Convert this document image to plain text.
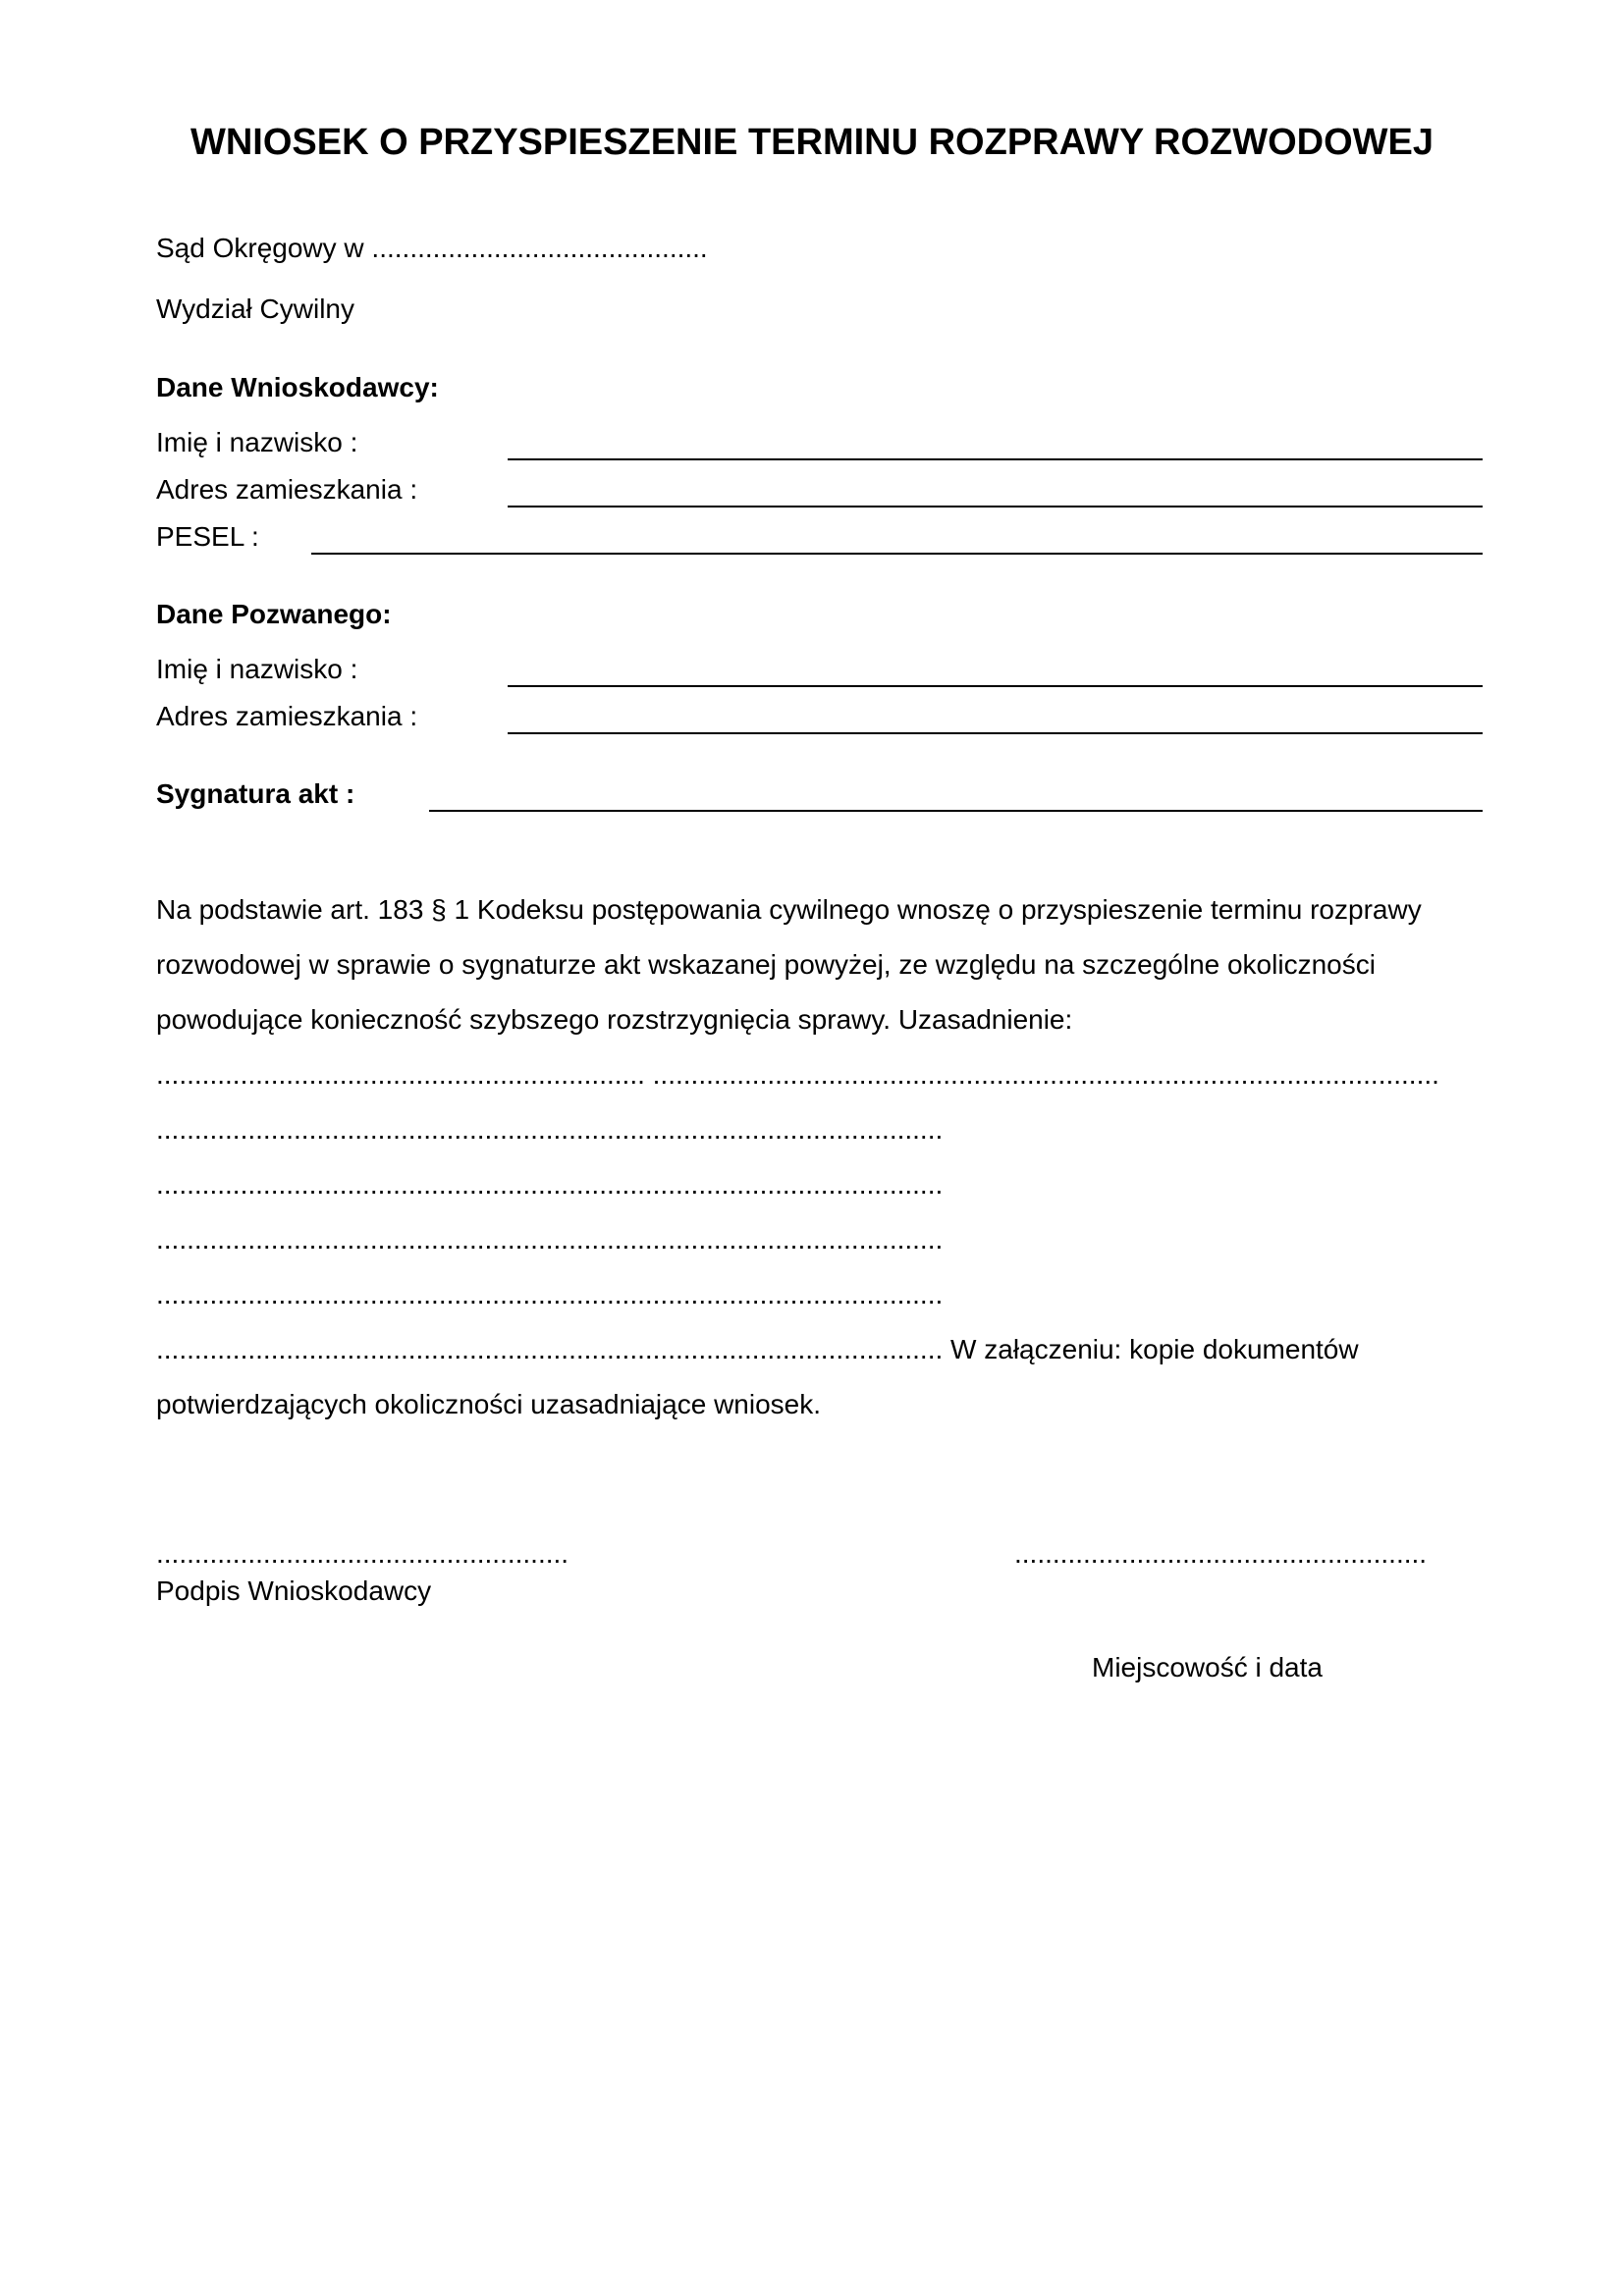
WNIOSEK O PRZYSPIESZENIE TERMINU ROZPRAWY ROZWODOWEJ
Sąd Okręgowy w ............................................
Wydział Cywilny
Dane Wnioskodawcy:
Imię i nazwisko :
Adres zamieszkania :
PESEL :
Dane Pozwanego:
Imię i nazwisko :
Adres zamieszkania :
Sygnatura akt :
Na podstawie art. 183 § 1 Kodeksu postępowania cywilnego wnoszę o przyspieszenie terminu rozprawy
rozwodowej w sprawie o sygnaturze akt wskazanej powyżej, ze względu na szczególne okoliczności
powodujące konieczność szybszego rozstrzygnięcia sprawy. Uzasadnienie:
................................................................ .......................................................................................................
.......................................................................................................
.......................................................................................................
.......................................................................................................
.......................................................................................................
....................................................................................................... W załączeniu: kopie dokumentów
potwierdzających okoliczności uzasadniające wniosek.
......................................................
Podpis Wnioskodawcy
......................................................
Miejscowość i data
